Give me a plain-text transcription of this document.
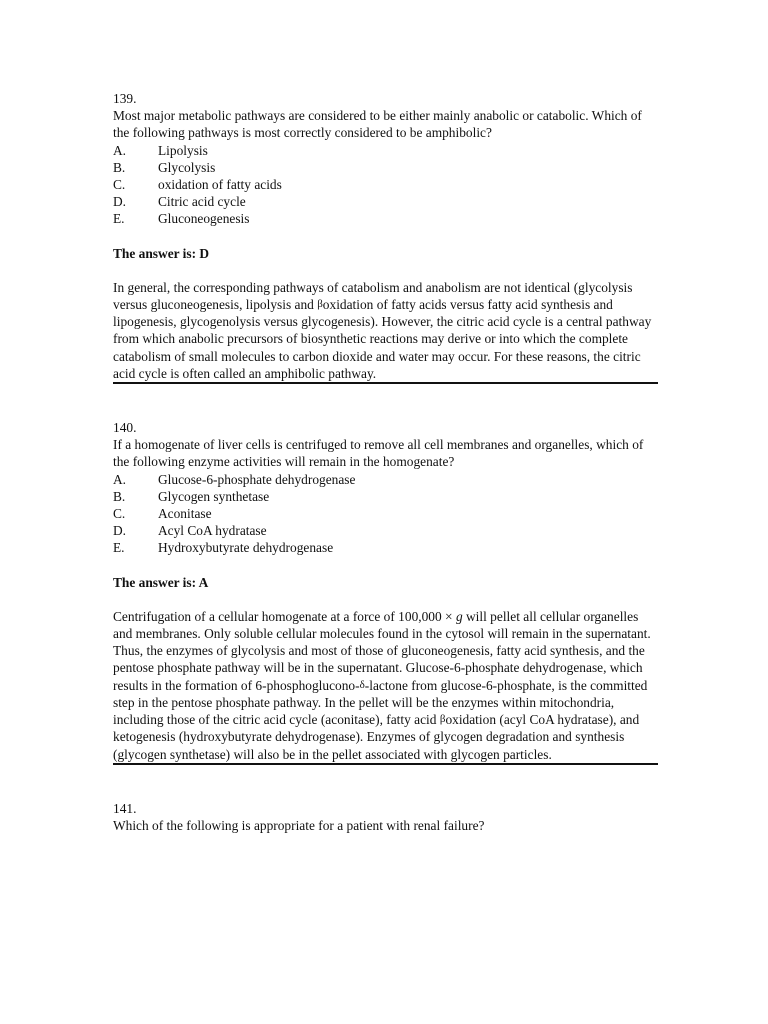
139.
Most major metabolic pathways are considered to be either mainly anabolic or catabolic. Which of the following pathways is most correctly considered to be amphibolic?
A.	Lipolysis
B.	Glycolysis
C.	oxidation of fatty acids
D.	Citric acid cycle
E.	Gluconeogenesis
The answer is: D
In general, the corresponding pathways of catabolism and anabolism are not identical (glycolysis versus gluconeogenesis, lipolysis and βoxidation of fatty acids versus fatty acid synthesis and lipogenesis, glycogenolysis versus glycogenesis). However, the citric acid cycle is a central pathway from which anabolic precursors of biosynthetic reactions may derive or into which the complete catabolism of small molecules to carbon dioxide and water may occur. For these reasons, the citric acid cycle is often called an amphibolic pathway.
140.
If a homogenate of liver cells is centrifuged to remove all cell membranes and organelles, which of the following enzyme activities will remain in the homogenate?
A.	Glucose-6-phosphate dehydrogenase
B.	Glycogen synthetase
C.	Aconitase
D.	Acyl CoA hydratase
E.	Hydroxybutyrate dehydrogenase
The answer is: A
Centrifugation of a cellular homogenate at a force of 100,000 × g will pellet all cellular organelles and membranes. Only soluble cellular molecules found in the cytosol will remain in the supernatant. Thus, the enzymes of glycolysis and most of those of gluconeogenesis, fatty acid synthesis, and the pentose phosphate pathway will be in the supernatant. Glucose-6-phosphate dehydrogenase, which results in the formation of 6-phosphoglucono-δ-lactone from glucose-6-phosphate, is the committed step in the pentose phosphate pathway. In the pellet will be the enzymes within mitochondria, including those of the citric acid cycle (aconitase), fatty acid βoxidation (acyl CoA hydratase), and ketogenesis (hydroxybutyrate dehydrogenase). Enzymes of glycogen degradation and synthesis (glycogen synthetase) will also be in the pellet associated with glycogen particles.
141.
Which of the following is appropriate for a patient with renal failure?
